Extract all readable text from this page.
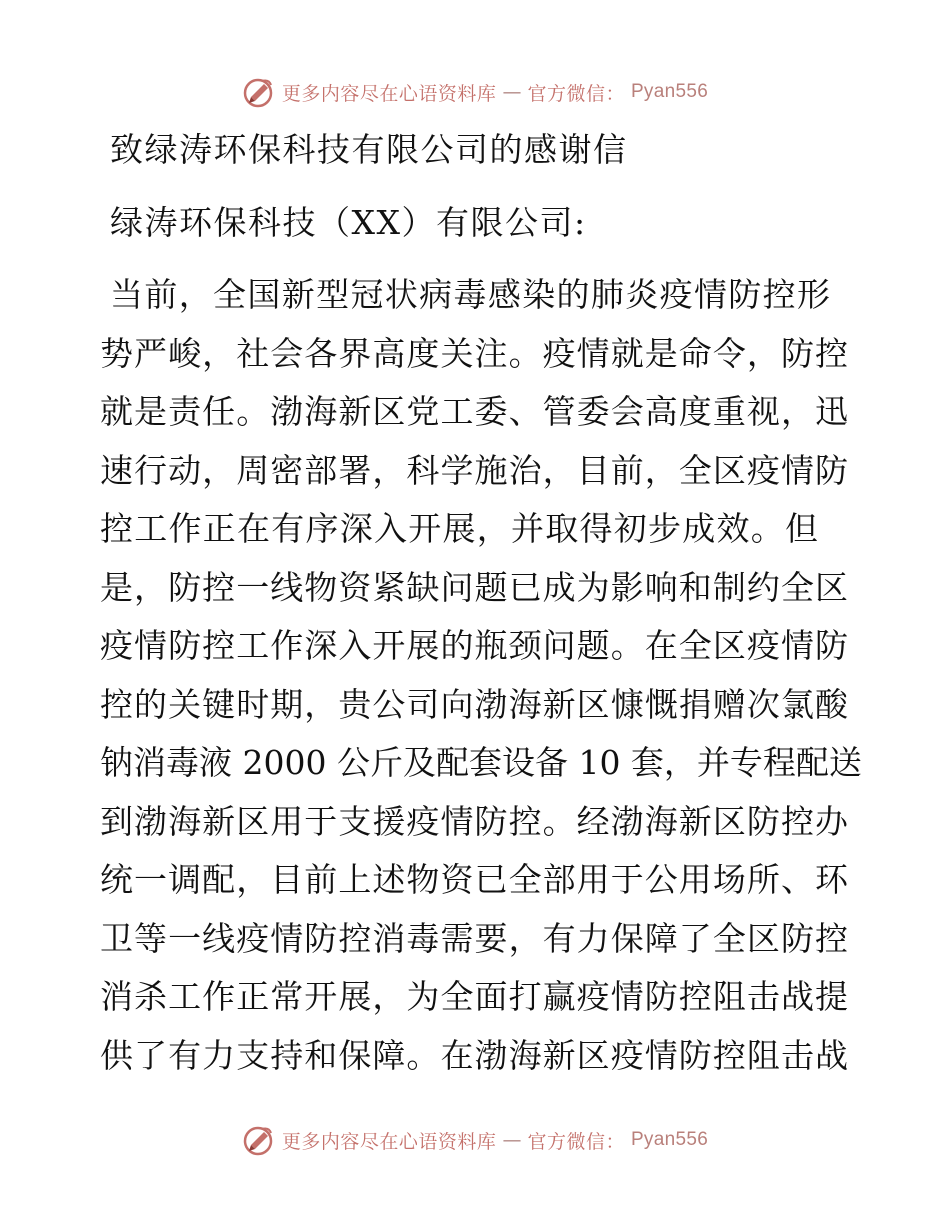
更多内容尽在心语资料库 — 官方微信： Pyan556
致绿涛环保科技有限公司的感谢信
绿涛环保科技（XX）有限公司:
当前，全国新型冠状病毒感染的肺炎疫情防控形
势严峻，社会各界高度关注。疫情就是命令，防控
就是责任。渤海新区党工委、管委会高度重视，迅
速行动，周密部署，科学施治，目前，全区疫情防
控工作正在有序深入开展，并取得初步成效。但
是，防控一线物资紧缺问题已成为影响和制约全区
疫情防控工作深入开展的瓶颈问题。在全区疫情防
控的关键时期，贵公司向渤海新区慷慨捐赠次氯酸
钠消毒液 2000 公斤及配套设备 10 套，并专程配送
到渤海新区用于支援疫情防控。经渤海新区防控办
统一调配，目前上述物资已全部用于公用场所、环
卫等一线疫情防控消毒需要，有力保障了全区防控
消杀工作正常开展，为全面打赢疫情防控阻击战提
供了有力支持和保障。在渤海新区疫情防控阻击战
更多内容尽在心语资料库 — 官方微信： Pyan556
